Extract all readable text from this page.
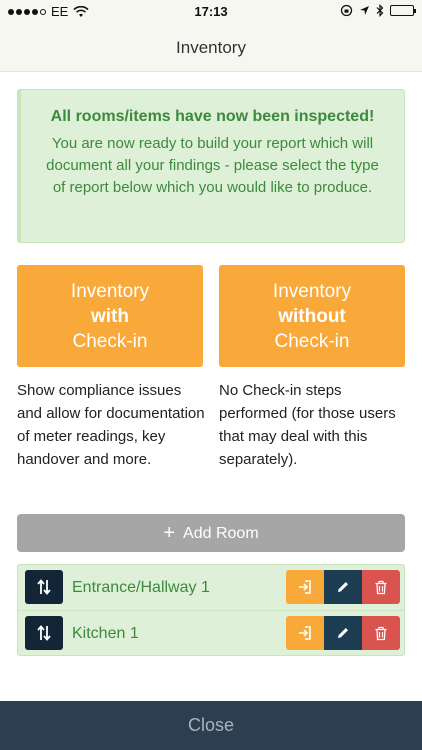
EE	17:13
Inventory
All rooms/items have now been inspected!
You are now ready to build your report which will document all your findings - please select the type of report below which you would like to produce.
Inventory
with
Check-in
Inventory
without
Check-in
Show compliance issues and allow for documentation of meter readings, key handover and more.
No Check-in steps performed (for those users that may deal with this separately).
+ Add Room
Entrance/Hallway 1
Kitchen 1
Close
